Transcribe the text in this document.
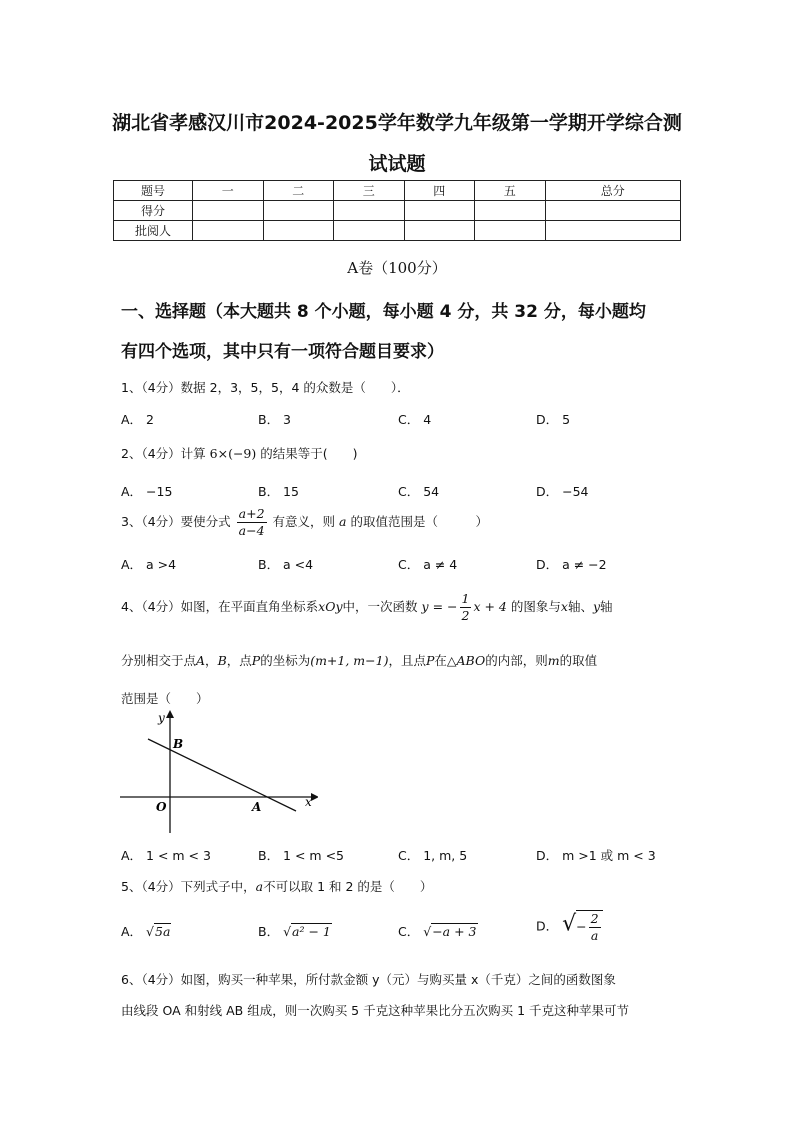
湖北省孝感汉川市2024-2025学年数学九年级第一学期开学综合测
试试题
题号	一	二	三	四	五	总分
得分						
批阅人						
A卷（100分）
一、选择题（本大题共 8 个小题，每小题 4 分，共 32 分，每小题均
有四个选项，其中只有一项符合题目要求）
1、（4分）数据 2，3，5，5，4 的众数是（　　）．
A． 2	B． 3	C． 4	D． 5
2、（4分）计算 6×(−9) 的结果等于(　　)
A． −15	B． 15	C． 54	D． −54
3、（4分）要使分式 $\frac{a+2}{a-4}$ 有意义，则 a 的取值范围是（　　　）
A． a >4	B． a <4	C． a ≠ 4	D． a ≠ −2
4、（4分）如图，在平面直角坐标系xOy中，一次函数 y = − $\frac{1}{2}$ x + 4 的图象与x轴、y轴
分别相交于点A，B，点P的坐标为(m+1, m−1)，且点P在△ABO的内部，则m的取值
范围是（　　）
y
x
O	A
B
A． 1 < m < 3	B． 1 < m <5	C． 1, m, 5	D． m >1 或 m < 3
5、（4分）下列式子中，a不可以取 1 和 2 的是（　　）
A． √5a	B． √a² − 1	C． √−a + 3	D． √− $\frac{2}{a}$
6、（4分）如图，购买一种苹果，所付款金额 y（元）与购买量 x（千克）之间的函数图象
由线段 OA 和射线 AB 组成，则一次购买 5 千克这种苹果比分五次购买 1 千克这种苹果可节
